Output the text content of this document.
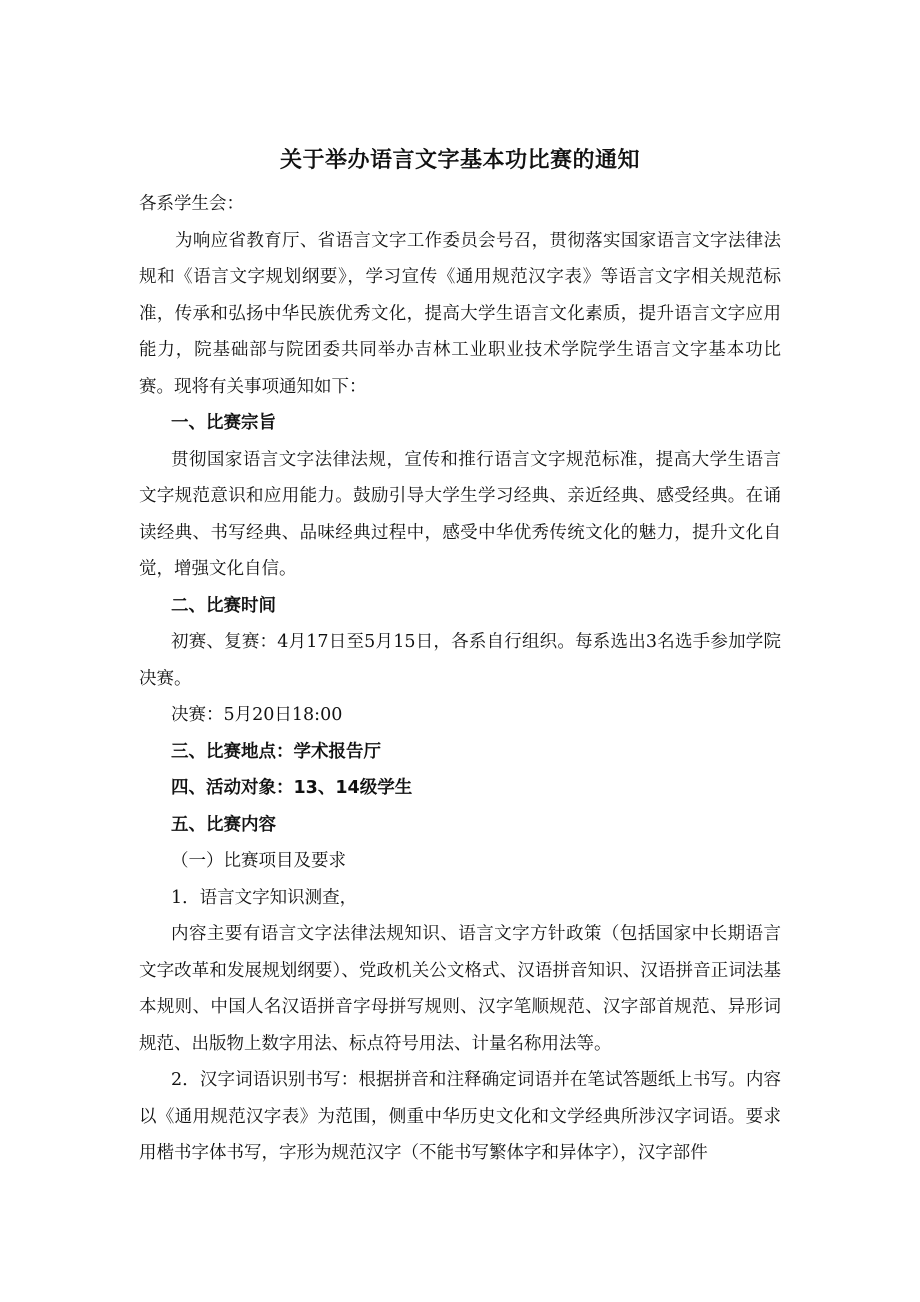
关于举办语言文字基本功比赛的通知

各系学生会：

为响应省教育厅、省语言文字工作委员会号召，贯彻落实国家语言文字法律法规和《语言文字规划纲要》，学习宣传《通用规范汉字表》等语言文字相关规范标准，传承和弘扬中华民族优秀文化，提高大学生语言文化素质，提升语言文字应用能力，院基础部与院团委共同举办吉林工业职业技术学院学生语言文字基本功比赛。现将有关事项通知如下：

一、比赛宗旨

贯彻国家语言文字法律法规，宣传和推行语言文字规范标准，提高大学生语言文字规范意识和应用能力。鼓励引导大学生学习经典、亲近经典、感受经典。在诵读经典、书写经典、品味经典过程中，感受中华优秀传统文化的魅力，提升文化自觉，增强文化自信。

二、比赛时间

初赛、复赛：4月17日至5月15日，各系自行组织。每系选出3名选手参加学院决赛。

决赛：5月20日18:00

三、比赛地点：学术报告厅

四、活动对象：13、14级学生

五、比赛内容

（一）比赛项目及要求

1．语言文字知识测查，

内容主要有语言文字法律法规知识、语言文字方针政策（包括国家中长期语言文字改革和发展规划纲要）、党政机关公文格式、汉语拼音知识、汉语拼音正词法基本规则、中国人名汉语拼音字母拼写规则、汉字笔顺规范、汉字部首规范、异形词规范、出版物上数字用法、标点符号用法、计量名称用法等。

2．汉字词语识别书写：根据拼音和注释确定词语并在笔试答题纸上书写。内容以《通用规范汉字表》为范围，侧重中华历史文化和文学经典所涉汉字词语。要求用楷书字体书写，字形为规范汉字（不能书写繁体字和异体字），汉字部件
